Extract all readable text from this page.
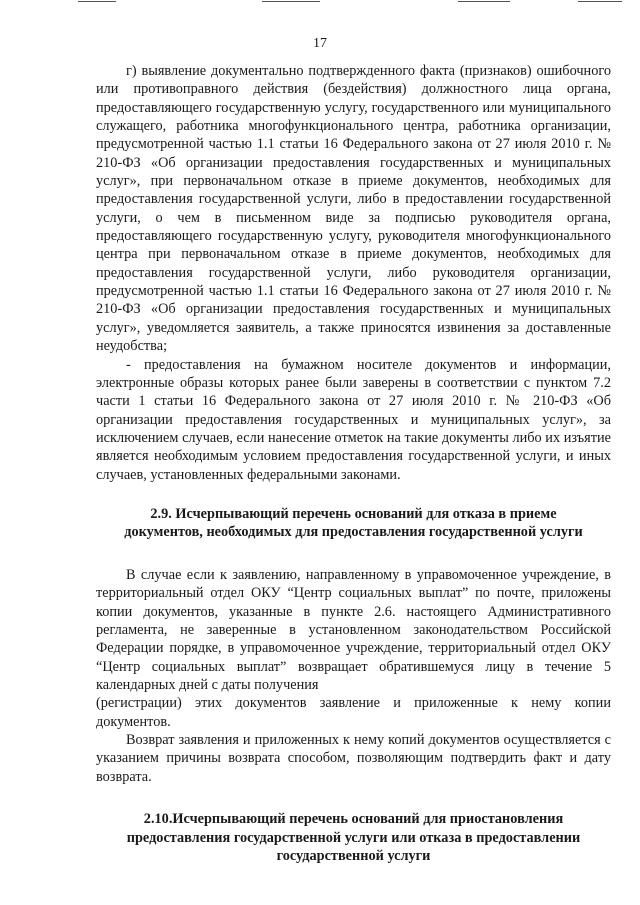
17

г) выявление документально подтвержденного факта (признаков) ошибочного или противоправного действия (бездействия) должностного лица органа, предоставляющего государственную услугу, государственного или муниципального служащего, работника многофункционального центра, работника организации, предусмотренной частью 1.1 статьи 16 Федерального закона от 27 июля 2010 г. № 210-ФЗ «Об организации предоставления государственных и муниципальных услуг», при первоначальном отказе в приеме документов, необходимых для предоставления государственной услуги, либо в предоставлении государственной услуги, о чем в письменном виде за подписью руководителя органа, предоставляющего государственную услугу, руководителя многофункционального центра при первоначальном отказе в приеме документов, необходимых для предоставления государственной услуги, либо руководителя организации, предусмотренной частью 1.1 статьи 16 Федерального закона от 27 июля 2010 г. № 210-ФЗ «Об организации предоставления государственных и муниципальных услуг», уведомляется заявитель, а также приносятся извинения за доставленные неудобства;

- предоставления на бумажном носителе документов и информации, электронные образы которых ранее были заверены в соответствии с пунктом 7.2 части 1 статьи 16 Федерального закона от 27 июля 2010 г. № 210-ФЗ «Об организации предоставления государственных и муниципальных услуг», за исключением случаев, если нанесение отметок на такие документы либо их изъятие является необходимым условием предоставления государственной услуги, и иных случаев, установленных федеральными законами.

2.9. Исчерпывающий перечень оснований для отказа в приеме

документов, необходимых для предоставления государственной услуги

В случае если к заявлению, направленному в управомоченное учреждение, в территориальный отдел ОКУ “Центр социальных выплат” по почте, приложены копии документов, указанные в пункте 2.6. настоящего Административного регламента, не заверенные в установленном законодательством Российской Федерации порядке, в управомоченное учреждение, территориальный отдел ОКУ “Центр социальных выплат” возвращает обратившемуся лицу в течение 5 календарных дней с даты получения

(регистрации) этих документов заявление и приложенные к нему копии документов.

Возврат заявления и приложенных к нему копий документов осуществляется с указанием причины возврата способом, позволяющим подтвердить факт и дату возврата.

2.10.Исчерпывающий перечень оснований для приостановления

предоставления государственной услуги или отказа в предоставлении

государственной услуги
